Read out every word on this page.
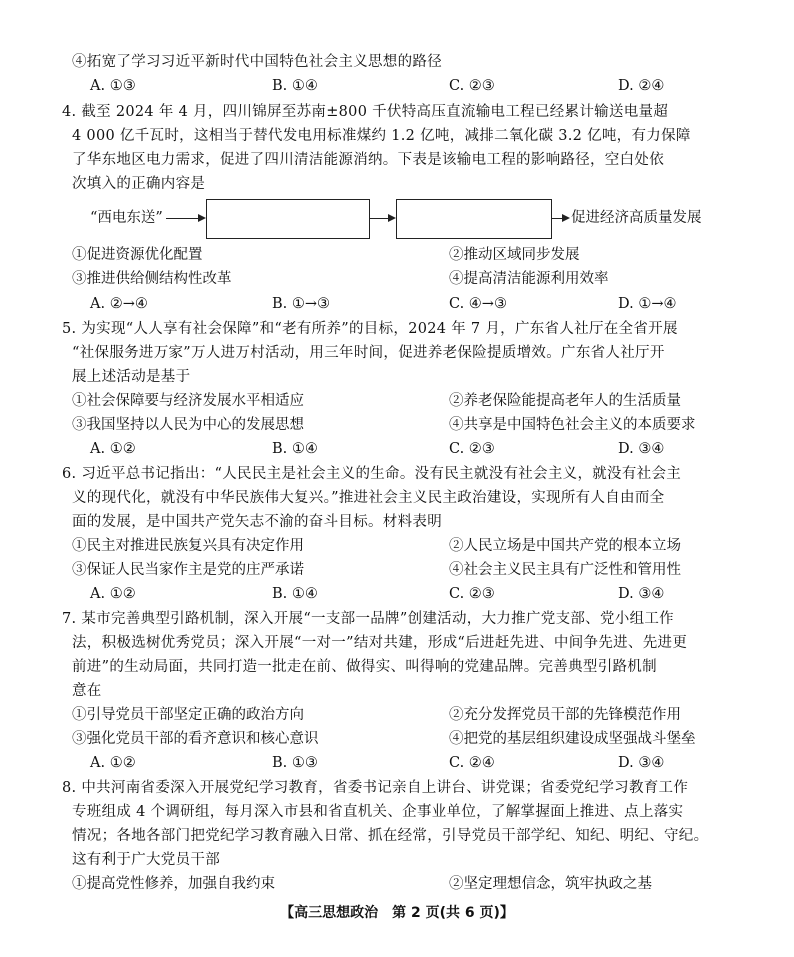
④拓宽了学习习近平新时代中国特色社会主义思想的路径
A. ①③	B. ①④	C. ②③	D. ②④
4. 截至 2024 年 4 月，四川锦屏至苏南±800 千伏特高压直流输电工程已经累计输送电量超
4 000 亿千瓦时，这相当于替代发电用标准煤约 1.2 亿吨，减排二氧化碳 3.2 亿吨，有力保障
了华东地区电力需求，促进了四川清洁能源消纳。下表是该输电工程的影响路径，空白处依
次填入的正确内容是
“西电东送”	促进经济高质量发展
①促进资源优化配置	②推动区域同步发展
③推进供给侧结构性改革	④提高清洁能源利用效率
A. ②→④	B. ①→③	C. ④→③	D. ①→④
5. 为实现“人人享有社会保障”和“老有所养”的目标，2024 年 7 月，广东省人社厅在全省开展
“社保服务进万家”万人进万村活动，用三年时间，促进养老保险提质增效。广东省人社厅开
展上述活动是基于
①社会保障要与经济发展水平相适应	②养老保险能提高老年人的生活质量
③我国坚持以人民为中心的发展思想	④共享是中国特色社会主义的本质要求
A. ①②	B. ①④	C. ②③	D. ③④
6. 习近平总书记指出：“人民民主是社会主义的生命。没有民主就没有社会主义，就没有社会主
义的现代化，就没有中华民族伟大复兴。”推进社会主义民主政治建设，实现所有人自由而全
面的发展，是中国共产党矢志不渝的奋斗目标。材料表明
①民主对推进民族复兴具有决定作用	②人民立场是中国共产党的根本立场
③保证人民当家作主是党的庄严承诺	④社会主义民主具有广泛性和管用性
A. ①②	B. ①④	C. ②③	D. ③④
7. 某市完善典型引路机制，深入开展“一支部一品牌”创建活动，大力推广党支部、党小组工作
法，积极选树优秀党员；深入开展“一对一”结对共建，形成“后进赶先进、中间争先进、先进更
前进”的生动局面，共同打造一批走在前、做得实、叫得响的党建品牌。完善典型引路机制
意在
①引导党员干部坚定正确的政治方向	②充分发挥党员干部的先锋模范作用
③强化党员干部的看齐意识和核心意识	④把党的基层组织建设成坚强战斗堡垒
A. ①②	B. ①③	C. ②④	D. ③④
8. 中共河南省委深入开展党纪学习教育，省委书记亲自上讲台、讲党课；省委党纪学习教育工作
专班组成 4 个调研组，每月深入市县和省直机关、企事业单位，了解掌握面上推进、点上落实
情况；各地各部门把党纪学习教育融入日常、抓在经常，引导党员干部学纪、知纪、明纪、守纪。
这有利于广大党员干部
①提高党性修养，加强自我约束	②坚定理想信念，筑牢执政之基
【高三思想政治　第 2 页(共 6 页)】
